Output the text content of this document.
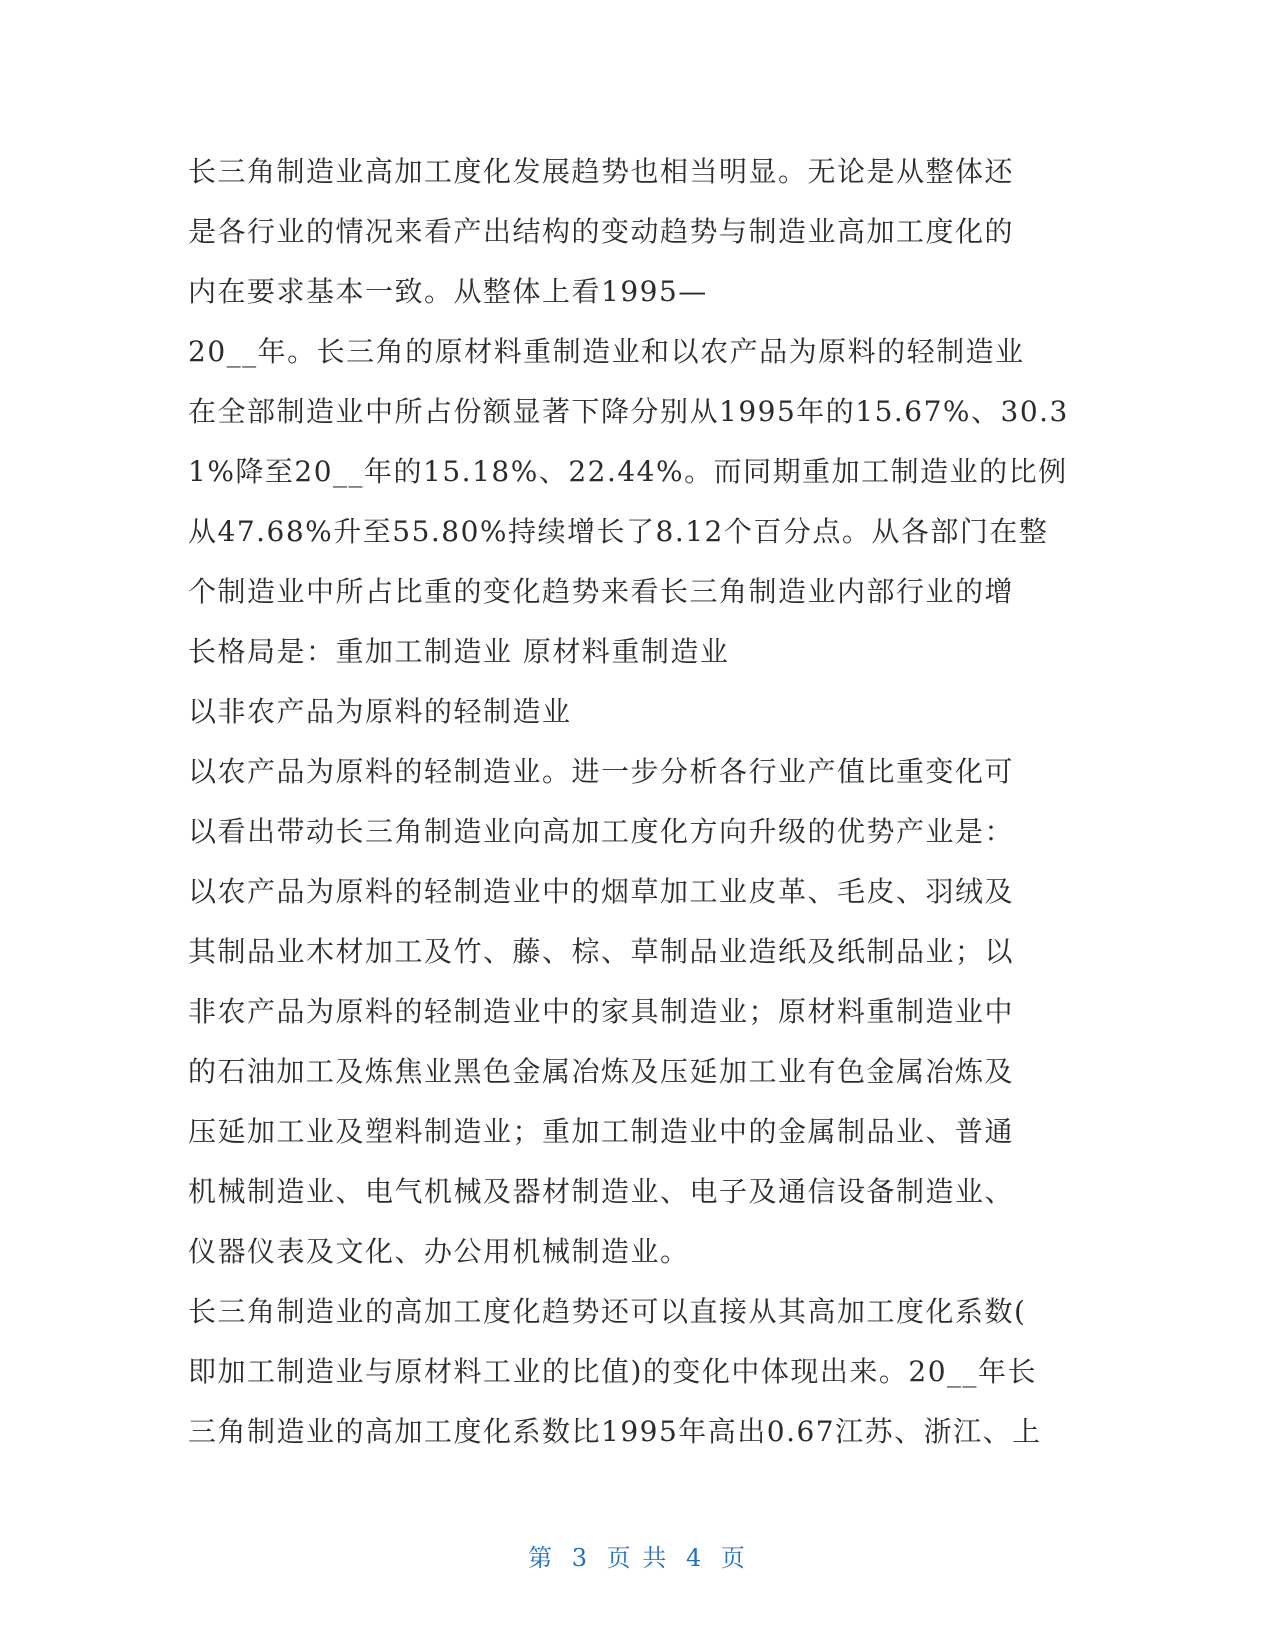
长三角制造业高加工度化发展趋势也相当明显。无论是从整体还
是各行业的情况来看产出结构的变动趋势与制造业高加工度化的
内在要求基本一致。从整体上看1995—
20__年。长三角的原材料重制造业和以农产品为原料的轻制造业
在全部制造业中所占份额显著下降分别从1995年的15.67%、30.3
1%降至20__年的15.18%、22.44%。而同期重加工制造业的比例
从47.68%升至55.80%持续增长了8.12个百分点。从各部门在整
个制造业中所占比重的变化趋势来看长三角制造业内部行业的增
长格局是：重加工制造业 原材料重制造业
以非农产品为原料的轻制造业
以农产品为原料的轻制造业。进一步分析各行业产值比重变化可
以看出带动长三角制造业向高加工度化方向升级的优势产业是：
以农产品为原料的轻制造业中的烟草加工业皮革、毛皮、羽绒及
其制品业木材加工及竹、藤、棕、草制品业造纸及纸制品业；以
非农产品为原料的轻制造业中的家具制造业；原材料重制造业中
的石油加工及炼焦业黑色金属冶炼及压延加工业有色金属冶炼及
压延加工业及塑料制造业；重加工制造业中的金属制品业、普通
机械制造业、电气机械及器材制造业、电子及通信设备制造业、
仪器仪表及文化、办公用机械制造业。
长三角制造业的高加工度化趋势还可以直接从其高加工度化系数(
即加工制造业与原材料工业的比值)的变化中体现出来。20__年长
三角制造业的高加工度化系数比1995年高出0.67江苏、浙江、上
第 3 页 共 4 页
